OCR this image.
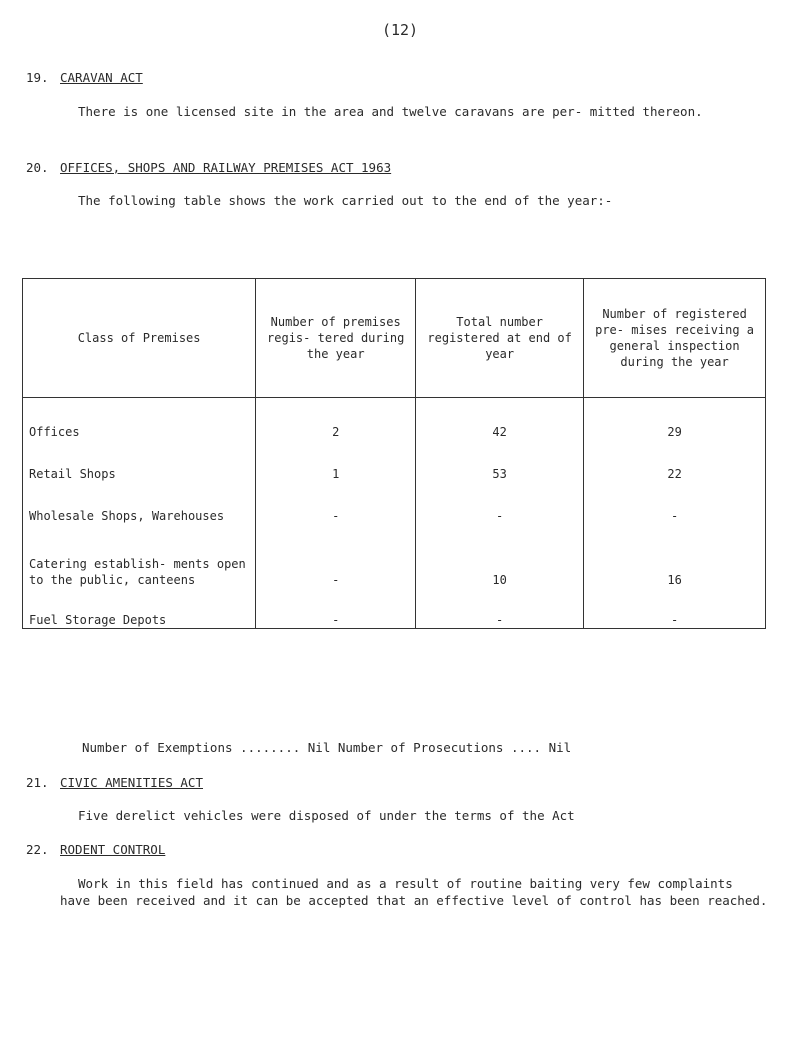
(12)
19. CARAVAN ACT
There is one licensed site in the area and twelve caravans are per- mitted thereon.
20. OFFICES, SHOPS AND RAILWAY PREMISES ACT 1963
The following table shows the work carried out to the end of the year:-
Class of Premises	Number of premises regis- tered during the year	Total number registered at end of year	Number of registered pre- mises receiving a general inspection during the year
Offices	2	42	29
Retail Shops	1	53	22
Wholesale Shops, Warehouses	-	-	-
Catering establish- ments open to the public, canteens	-	10	16
Fuel Storage Depots	-	-	-
Number of Exemptions ........ Nil Number of Prosecutions .... Nil
21. CIVIC AMENITIES ACT
Five derelict vehicles were disposed of under the terms of the Act
22. RODENT CONTROL
Work in this field has continued and as a result of routine baiting very few complaints have been received and it can be accepted that an effective level of control has been reached.
